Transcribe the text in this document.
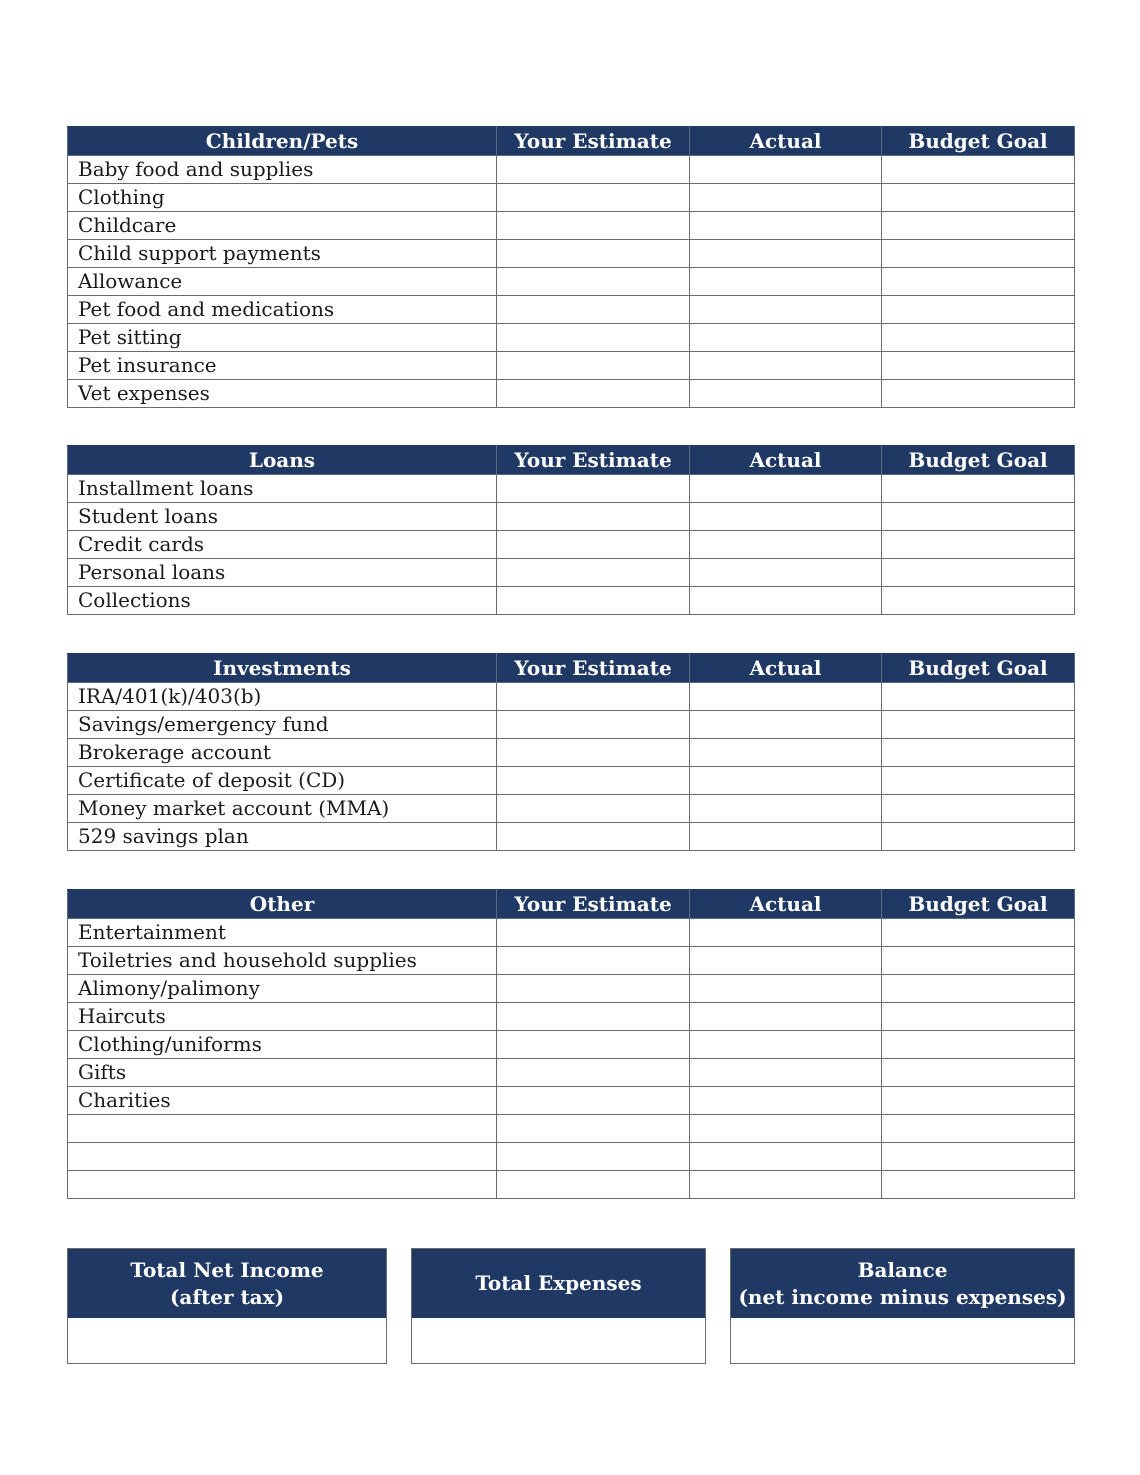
Children/Pets	Your Estimate	Actual	Budget Goal
Baby food and supplies			
Clothing			
Childcare			
Child support payments			
Allowance			
Pet food and medications			
Pet sitting			
Pet insurance			
Vet expenses			
Loans	Your Estimate	Actual	Budget Goal
Installment loans			
Student loans			
Credit cards			
Personal loans			
Collections			
Investments	Your Estimate	Actual	Budget Goal
IRA/401(k)/403(b)			
Savings/emergency fund			
Brokerage account			
Certificate of deposit (CD)			
Money market account (MMA)			
529 savings plan			
Other	Your Estimate	Actual	Budget Goal
Entertainment			
Toiletries and household supplies			
Alimony/palimony			
Haircuts			
Clothing/uniforms			
Gifts			
Charities			

Total Net Income
(after tax)
Total Expenses
Balance
(net income minus expenses)
